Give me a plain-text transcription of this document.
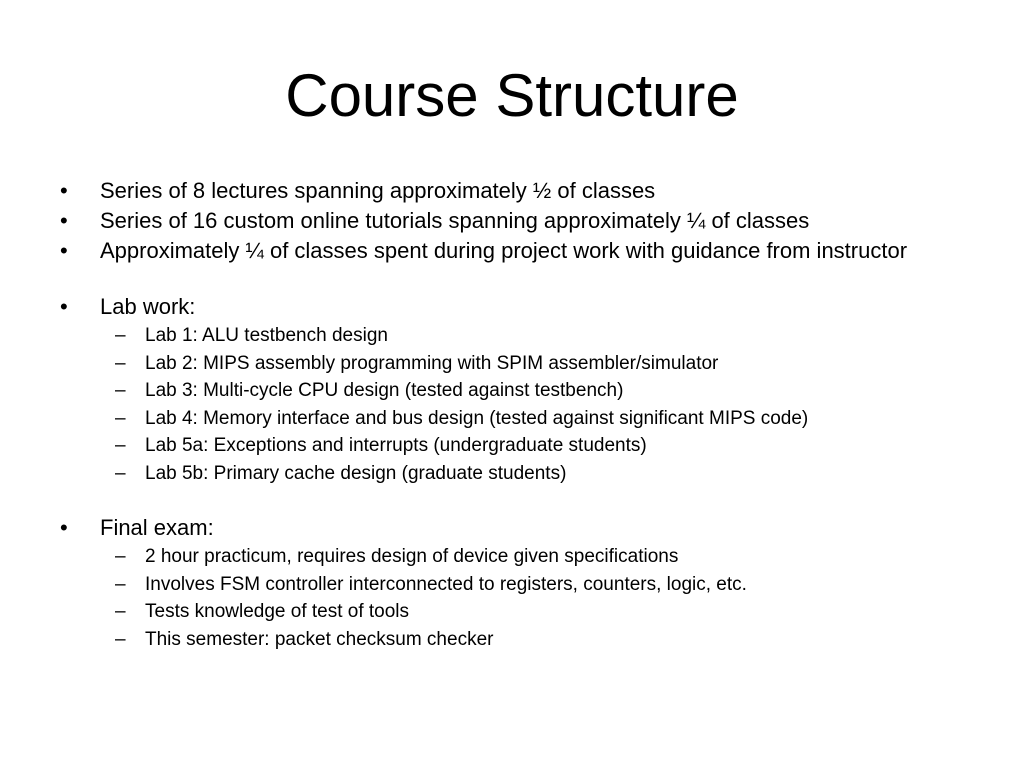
Course Structure
• Series of 8 lectures spanning approximately ½ of classes
• Series of 16 custom online tutorials spanning approximately ¼ of classes
• Approximately ¼ of classes spent during project work with guidance from instructor
• Lab work:
– Lab 1: ALU testbench design
– Lab 2: MIPS assembly programming with SPIM assembler/simulator
– Lab 3: Multi-cycle CPU design (tested against testbench)
– Lab 4: Memory interface and bus design (tested against significant MIPS code)
– Lab 5a: Exceptions and interrupts (undergraduate students)
– Lab 5b: Primary cache design (graduate students)
• Final exam:
– 2 hour practicum, requires design of device given specifications
– Involves FSM controller interconnected to registers, counters, logic, etc.
– Tests knowledge of test of tools
– This semester: packet checksum checker
